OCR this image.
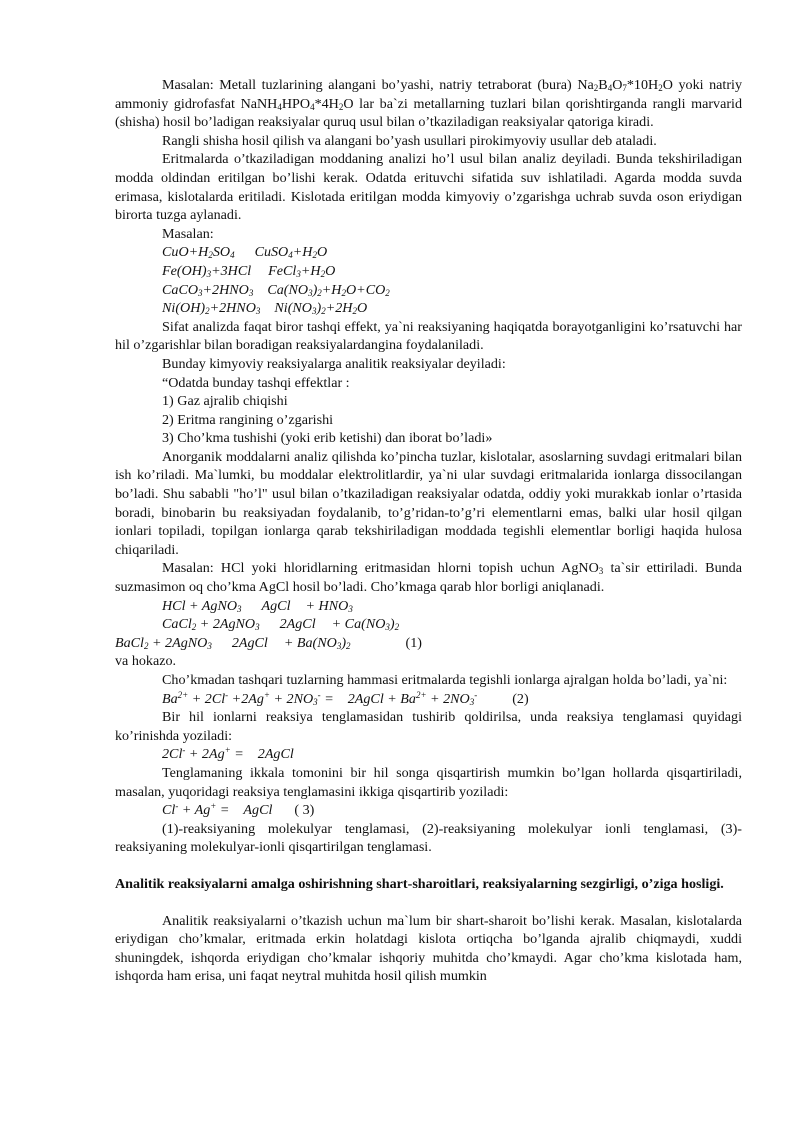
Masalan: Metall tuzlarining alangani bo’yashi, natriy tetraborat (bura) $Na_2B_4O_7*10H_2O$ yoki natriy ammoniy gidrofasfat $NaNH_4HPO_4*4H_2O$ lar ba`zi metallarning tuzlari bilan qorishtirganda rangli marvarid (shisha) hosil bo’ladigan reaksiyalar quruq usul bilan o’tkaziladigan reaksiyalar qatoriga kiradi.

Rangli shisha hosil qilish va alangani bo’yash usullari pirokimyoviy usullar deb ataladi.

Eritmalarda o’tkaziladigan moddaning analizi ho’l usul bilan analiz deyiladi. Bunda tekshiriladigan modda oldindan eritilgan bo’lishi kerak. Odatda erituvchi sifatida suv ishlatiladi. Agarda modda suvda erimasa, kislotalarda eritiladi. Kislotada eritilgan modda kimyoviy o’zgarishga uchrab suvda oson eriydigan birorta tuzga aylanadi.

Masalan:

$CuO+H_2SO_4$ $CuSO_4+H_2O$

$Fe(OH)_3+3HCl$ $FeCl_3+H_2O$

$CaCO_3+2HNO_3$ $Ca(NO_3)_2+H_2O+CO_2$

$Ni(OH)_2+2HNO_3$ $Ni(NO_3)_2+2H_2O$

Sifat analizda faqat biror tashqi effekt, ya`ni reaksiyaning haqiqatda borayotganligini ko’rsatuvchi har hil o’zgarishlar bilan boradigan reaksiyalardangina foydalaniladi.

Bunday kimyoviy reaksiyalarga analitik reaksiyalar deyiladi:

“Odatda bunday tashqi effektlar :

1) Gaz ajralib chiqishi

2) Eritma rangining o’zgarishi

3) Cho’kma tushishi (yoki erib ketishi) dan iborat bo’ladi»

Anorganik moddalarni analiz qilishda ko’pincha tuzlar, kislotalar, asoslarning suvdagi eritmalari bilan ish ko’riladi. Ma`lumki, bu moddalar elektrolitlardir, ya`ni ular suvdagi eritmalarida ionlarga dissocilangan bo’ladi. Shu sababli "ho’l" usul bilan o’tkaziladigan reaksiyalar odatda, oddiy yoki murakkab ionlar o’rtasida boradi, binobarin bu reaksiyadan foydalanib, to’g’ridan-to’g’ri elementlarni emas, balki ular hosil qilgan ionlari topiladi, topilgan ionlarga qarab tekshiriladigan moddada tegishli elementlar borligi haqida hulosa chiqariladi.

Masalan: HCl yoki hloridlarning eritmasidan hlorni topish uchun AgNO$_3$ ta`sir ettiriladi. Bunda suzmasimon oq cho’kma AgCl hosil bo’ladi. Cho’kmaga qarab hlor borligi aniqlanadi.

HCl + AgNO$_3$ AgCl + $HNO_3$

CaCl$_2$ + 2AgNO$_3$ 2AgCl + $Ca(NO_3)_2$

BaCl$_2$ + 2AgNO$_3$ 2AgCl + $Ba(NO_3)_2$	(1)

va hokazo.

Cho’kmadan tashqari tuzlarning hammasi eritmalarda tegishli ionlarga ajralgan holda bo’ladi, ya`ni:

$Ba^{2+} + 2Cl^- +2Ag^+ + 2NO_3^-$ = 2AgCl + $Ba^{2+} + 2NO_3^-$ (2)

Bir hil ionlarni reaksiya tenglamasidan tushirib qoldirilsa, unda reaksiya tenglamasi quyidagi ko’rinishda yoziladi:

2Cl- + 2Ag+ = 2AgCl

Tenglamaning ikkala tomonini bir hil songa qisqartirish mumkin bo’lgan hollarda qisqartiriladi, masalan, yuqoridagi reaksiya tenglamasini ikkiga qisqartirib yoziladi:

Cl- + Ag+ = AgCl ( 3)

(1)-reaksiyaning molekulyar tenglamasi, (2)-reaksiyaning molekulyar ionli tenglamasi, (3)-reaksiyaning molekulyar-ionli qisqartirilgan tenglamasi.

Analitik reaksiyalarni amalga oshirishning shart-sharoitlari, reaksiyalarning sezgirligi, o’ziga hosligi.

Analitik reaksiyalarni o’tkazish uchun ma`lum bir shart-sharoit bo’lishi kerak. Masalan, kislotalarda eriydigan cho’kmalar, eritmada erkin holatdagi kislota ortiqcha bo’lganda ajralib chiqmaydi, xuddi shuningdek, ishqorda eriydigan cho’kmalar ishqoriy muhitda cho’kmaydi. Agar cho’kma kislotada ham, ishqorda ham erisa, uni faqat neytral muhitda hosil qilish mumkin
